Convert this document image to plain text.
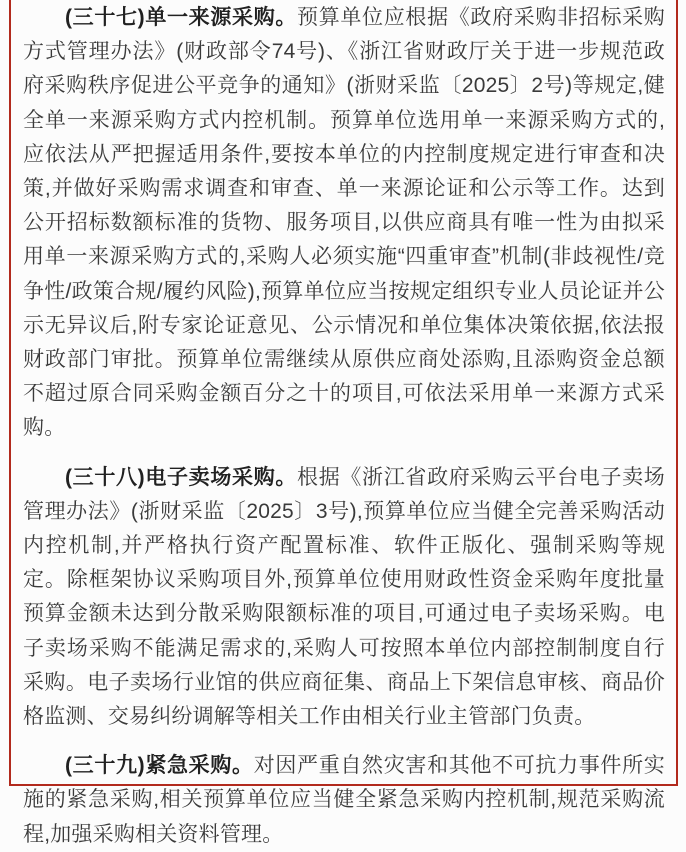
(三十七)单一来源采购。预算单位应根据《政府采购非招标采购方式管理办法》(财政部令74号)、《浙江省财政厅关于进一步规范政府采购秩序促进公平竞争的通知》(浙财采监〔2025〕2号)等规定,健全单一来源采购方式内控机制。预算单位选用单一来源采购方式的,应依法从严把握适用条件,要按本单位的内控制度规定进行审查和决策,并做好采购需求调查和审查、单一来源论证和公示等工作。达到公开招标数额标准的货物、服务项目,以供应商具有唯一性为由拟采用单一来源采购方式的,采购人必须实施“四重审查”机制(非歧视性/竞争性/政策合规/履约风险),预算单位应当按规定组织专业人员论证并公示无异议后,附专家论证意见、公示情况和单位集体决策依据,依法报财政部门审批。预算单位需继续从原供应商处添购,且添购资金总额不超过原合同采购金额百分之十的项目,可依法采用单一来源方式采购。

(三十八)电子卖场采购。根据《浙江省政府采购云平台电子卖场管理办法》(浙财采监〔2025〕3号),预算单位应当健全完善采购活动内控机制,并严格执行资产配置标准、软件正版化、强制采购等规定。除框架协议采购项目外,预算单位使用财政性资金采购年度批量预算金额未达到分散采购限额标准的项目,可通过电子卖场采购。电子卖场采购不能满足需求的,采购人可按照本单位内部控制制度自行采购。电子卖场行业馆的供应商征集、商品上下架信息审核、商品价格监测、交易纠纷调解等相关工作由相关行业主管部门负责。

(三十九)紧急采购。对因严重自然灾害和其他不可抗力事件所实施的紧急采购,相关预算单位应当健全紧急采购内控机制,规范采购流程,加强采购相关资料管理。
